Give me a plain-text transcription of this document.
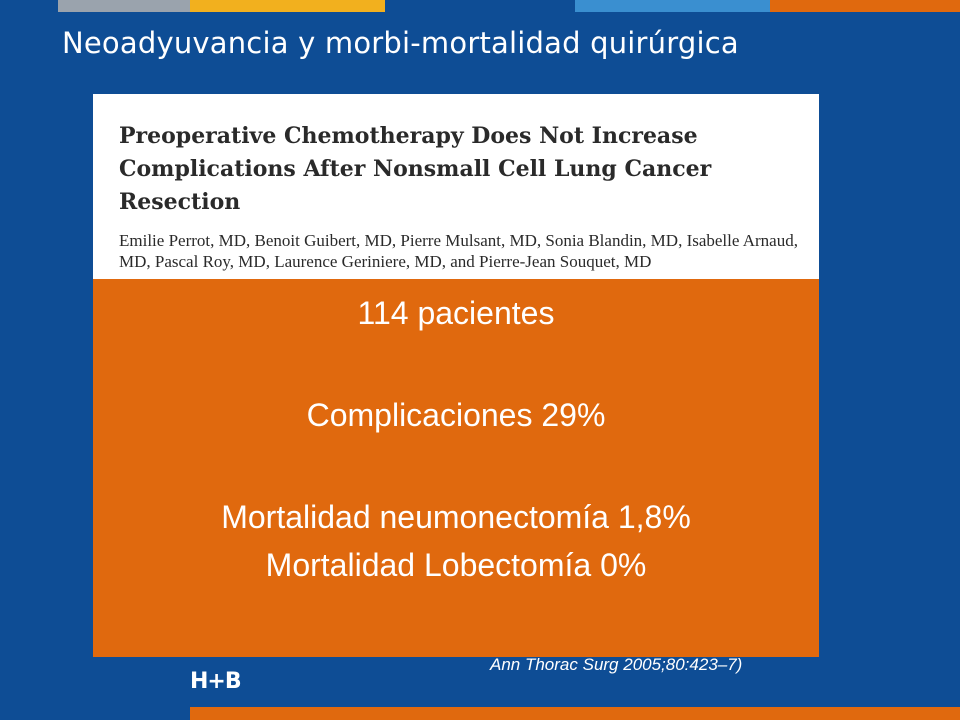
Neoadyuvancia y morbi-mortalidad quirúrgica

Preoperative Chemotherapy Does Not Increase Complications After Nonsmall Cell Lung Cancer Resection

Emilie Perrot, MD, Benoit Guibert, MD, Pierre Mulsant, MD, Sonia Blandin, MD, Isabelle Arnaud, MD, Pascal Roy, MD, Laurence Geriniere, MD, and Pierre-Jean Souquet, MD

114 pacientes
Complicaciones 29%
Mortalidad neumonectomía 1,8%
Mortalidad Lobectomía 0%
Ann Thorac Surg 2005;80:423–7)
H+B
